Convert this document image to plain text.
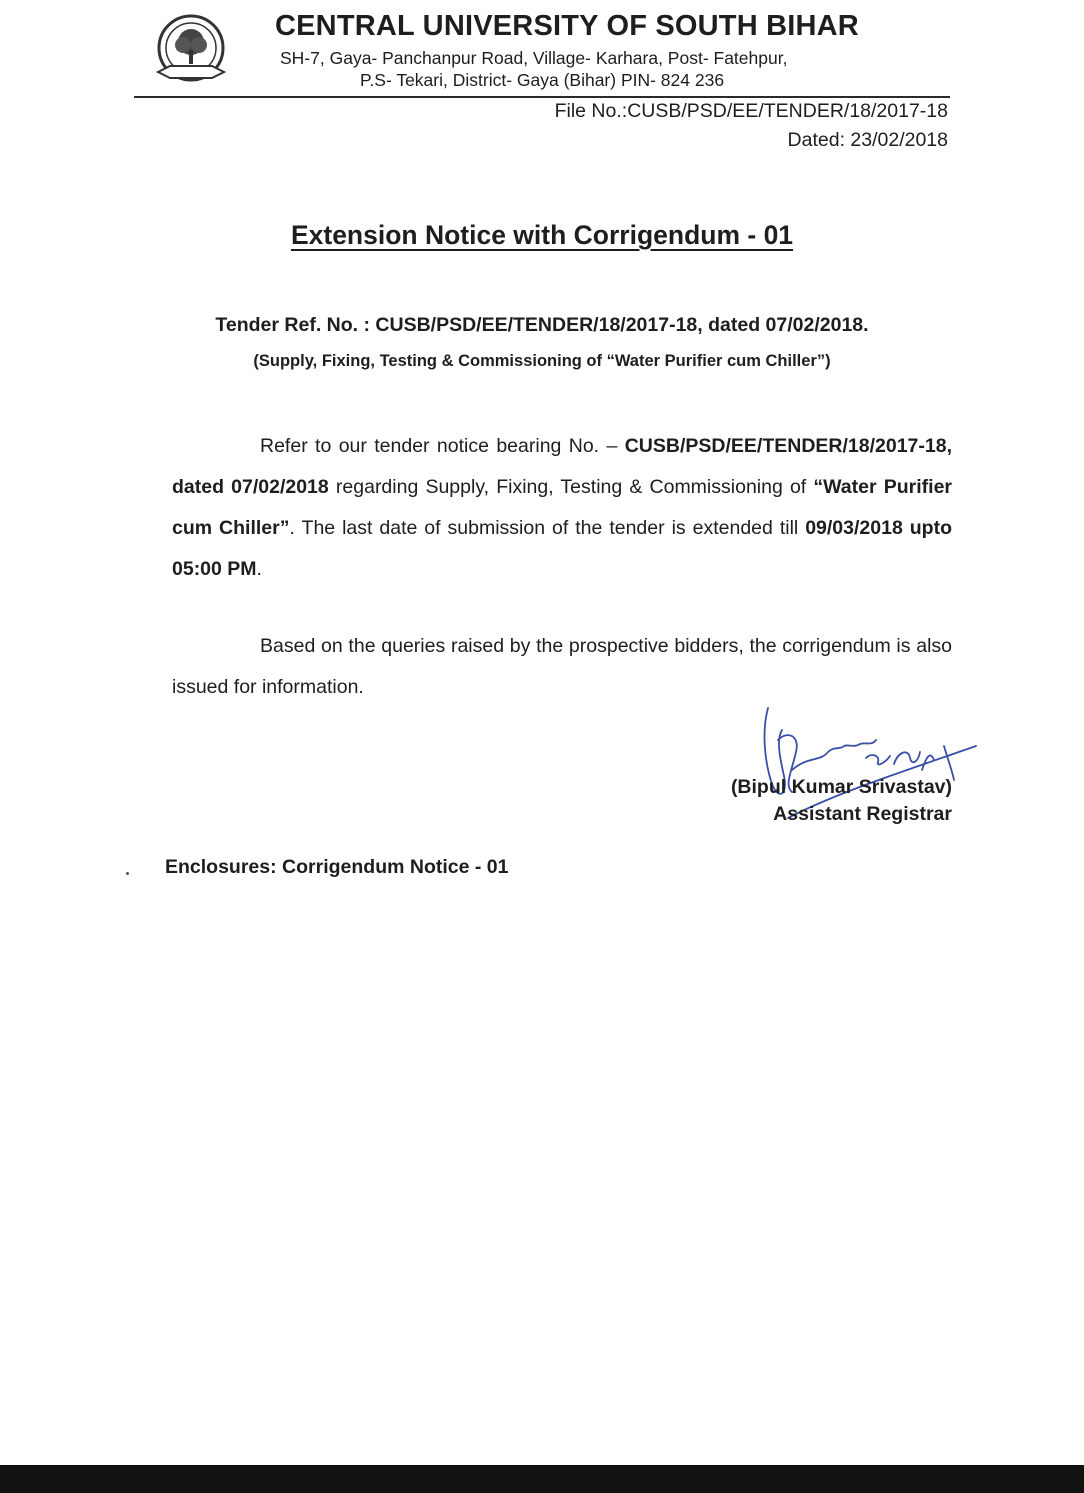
CENTRAL UNIVERSITY OF SOUTH BIHAR
SH-7, Gaya- Panchanpur Road, Village- Karhara, Post- Fatehpur,
P.S- Tekari, District- Gaya (Bihar) PIN- 824 236
File No.:CUSB/PSD/EE/TENDER/18/2017-18
Dated: 23/02/2018
Extension Notice with Corrigendum - 01
Tender Ref. No. : CUSB/PSD/EE/TENDER/18/2017-18, dated 07/02/2018.
(Supply, Fixing, Testing & Commissioning of “Water Purifier cum Chiller”)

Refer to our tender notice bearing No. – CUSB/PSD/EE/TENDER/18/2017-18, dated 07/02/2018 regarding Supply, Fixing, Testing & Commissioning of “Water Purifier cum Chiller”. The last date of submission of the tender is extended till 09/03/2018 upto 05:00 PM.

Based on the queries raised by the prospective bidders, the corrigendum is also issued for information.

(Bipul Kumar Srivastav)
Assistant Registrar
Enclosures: Corrigendum Notice - 01
